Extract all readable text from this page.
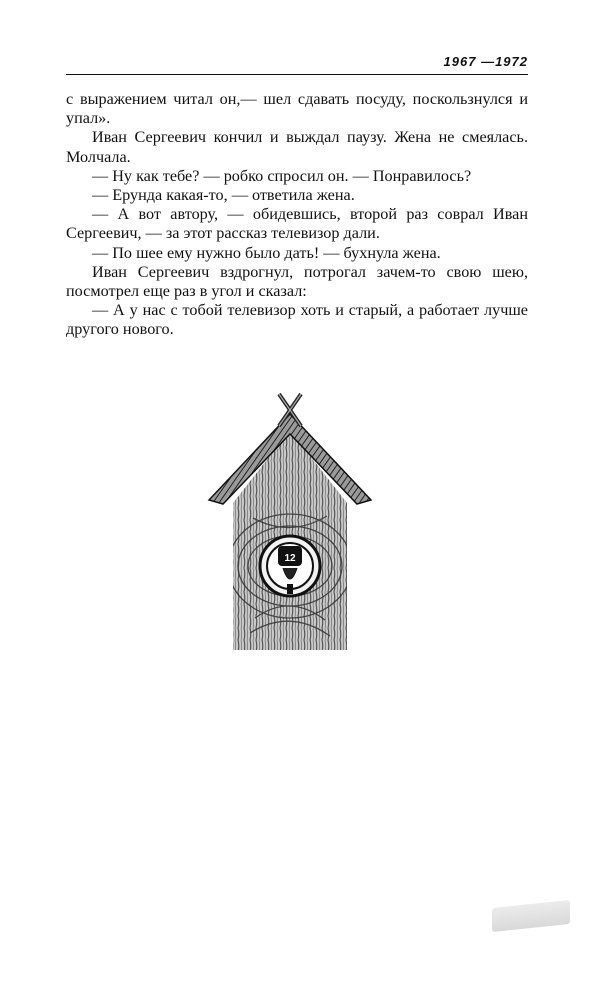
1967 —1972

с выражением читал он,— шел сдавать посуду, поскользнулся и упал».

Иван Сергеевич кончил и выждал паузу. Жена не смеялась. Молчала.

— Ну как тебе? — робко спросил он. — Понравилось?

— Ерунда какая-то, — ответила жена.

— А вот автору, — обидевшись, второй раз соврал Иван Сергеевич, — за этот рассказ телевизор дали.

— По шее ему нужно было дать! — бухнула жена.

Иван Сергеевич вздрогнул, потрогал зачем-то свою шею, посмотрел еще раз в угол и сказал:

— А у нас с тобой телевизор хоть и старый, а работает лучше другого нового.

12
